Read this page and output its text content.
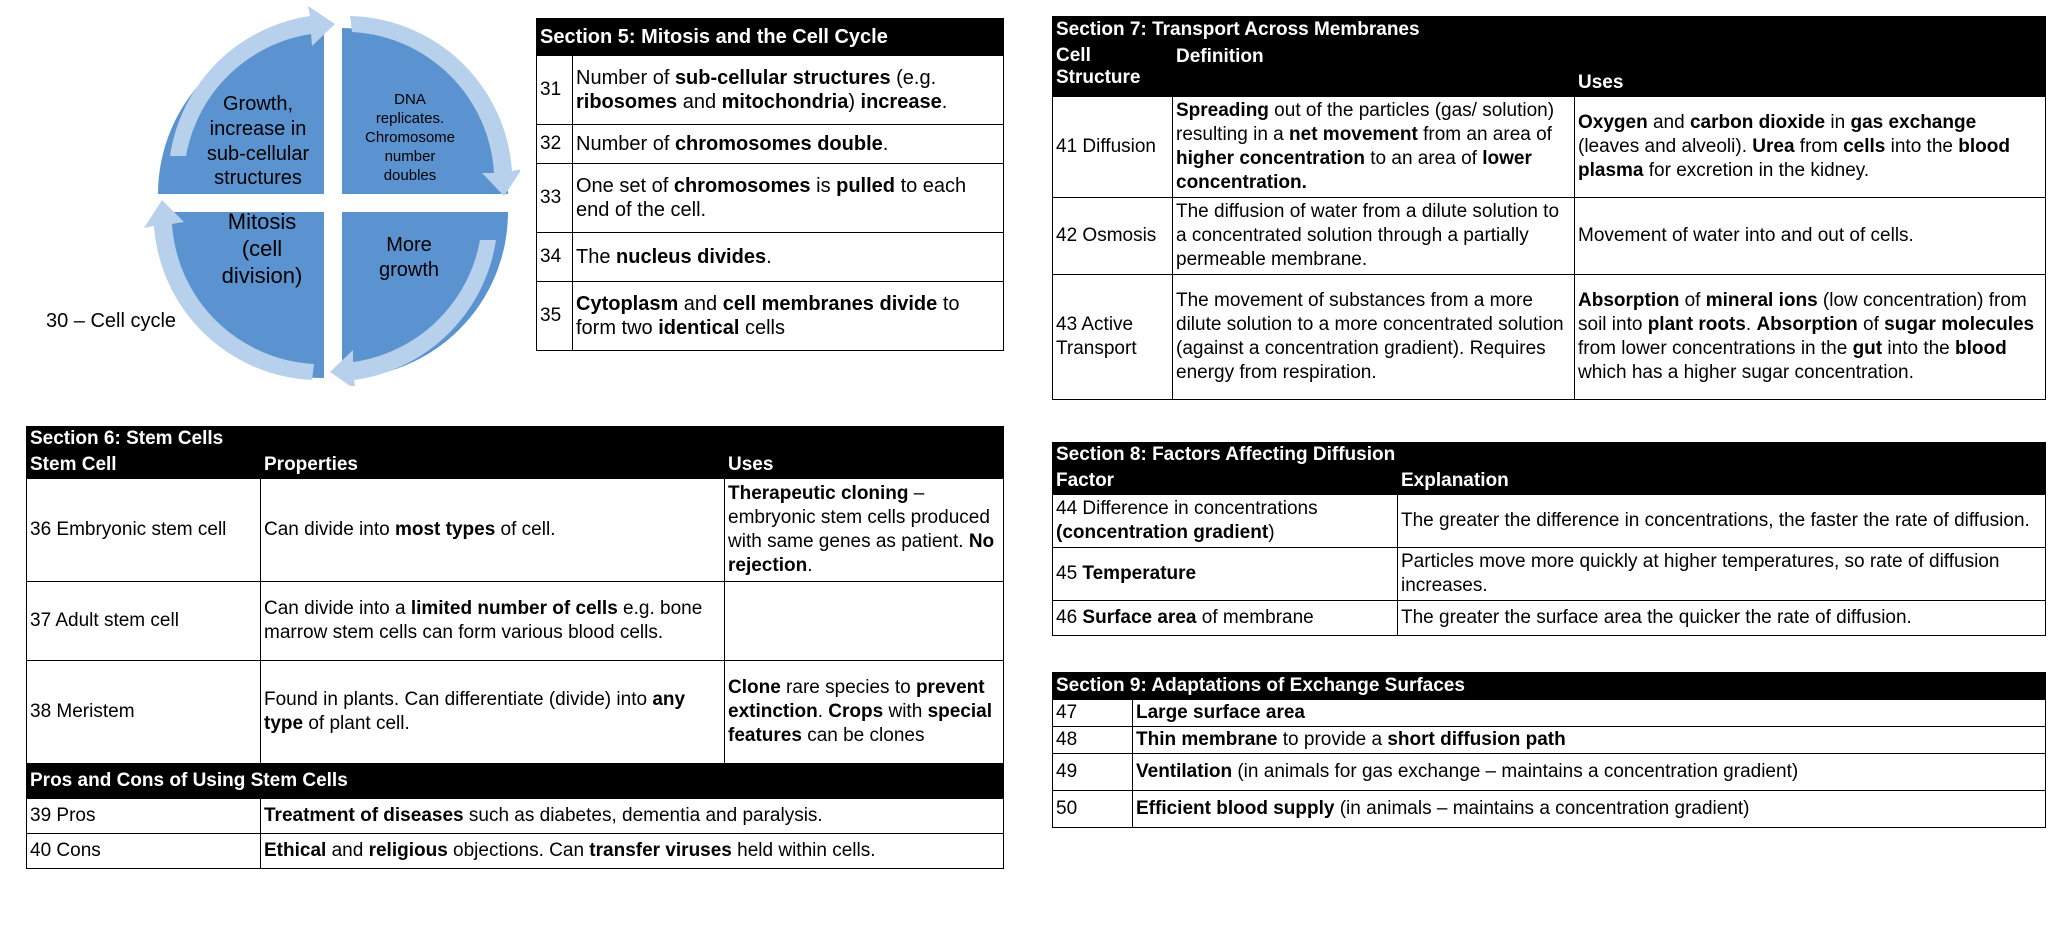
Growth,
increase in
sub-cellular
structures
DNA
replicates.
Chromosome
number
doubles
Mitosis
(cell
division)
More
growth
30 – Cell cycle
Section 5: Mitosis and the Cell Cycle	
31	Number of sub-cellular structures (e.g. ribosomes and mitochondria) increase.
32	Number of chromosomes double.
33	One set of chromosomes is pulled to each end of the cell.
34	The nucleus divides.
35	Cytoplasm and cell membranes divide to form two identical cells
Section 6: Stem Cells		
Stem Cell	Properties	Uses
36 Embryonic stem cell	Can divide into most types of cell.	Therapeutic cloning – embryonic stem cells produced with same genes as patient. No rejection.
37 Adult stem cell	Can divide into a limited number of cells e.g. bone marrow stem cells can form various blood cells.	
38 Meristem	Found in plants. Can differentiate (divide) into any type of plant cell.	Clone rare species to prevent extinction. Crops with special features can be clones
Pros and Cons of Using Stem Cells		
39 Pros	Treatment of diseases such as diabetes, dementia and paralysis.	
40 Cons	Ethical and religious objections. Can transfer viruses held within cells.	
Section 7: Transport Across Membranes		
Cell Structure	Definition	Uses
41 Diffusion	Spreading out of the particles (gas/ solution) resulting in a net movement from an area of higher concentration to an area of lower concentration.	Oxygen and carbon dioxide in gas exchange (leaves and alveoli). Urea from cells into the blood plasma for excretion in the kidney.
42 Osmosis	The diffusion of water from a dilute solution to a concentrated solution through a partially permeable membrane.	Movement of water into and out of cells.
43 Active Transport	The movement of substances from a more dilute solution to a more concentrated solution (against a concentration gradient). Requires energy from respiration.	Absorption of mineral ions (low concentration) from soil into plant roots. Absorption of sugar molecules from lower concentrations in the gut into the blood which has a higher sugar concentration.
Section 8: Factors Affecting Diffusion	
Factor	Explanation
44 Difference in concentrations (concentration gradient)	The greater the difference in concentrations, the faster the rate of diffusion.
45 Temperature	Particles move more quickly at higher temperatures, so rate of diffusion increases.
46 Surface area of membrane	The greater the surface area the quicker the rate of diffusion.
Section 9: Adaptations of Exchange Surfaces	
47	Large surface area
48	Thin membrane to provide a short diffusion path
49	Ventilation (in animals for gas exchange – maintains a concentration gradient)
50	Efficient blood supply (in animals – maintains a concentration gradient)
